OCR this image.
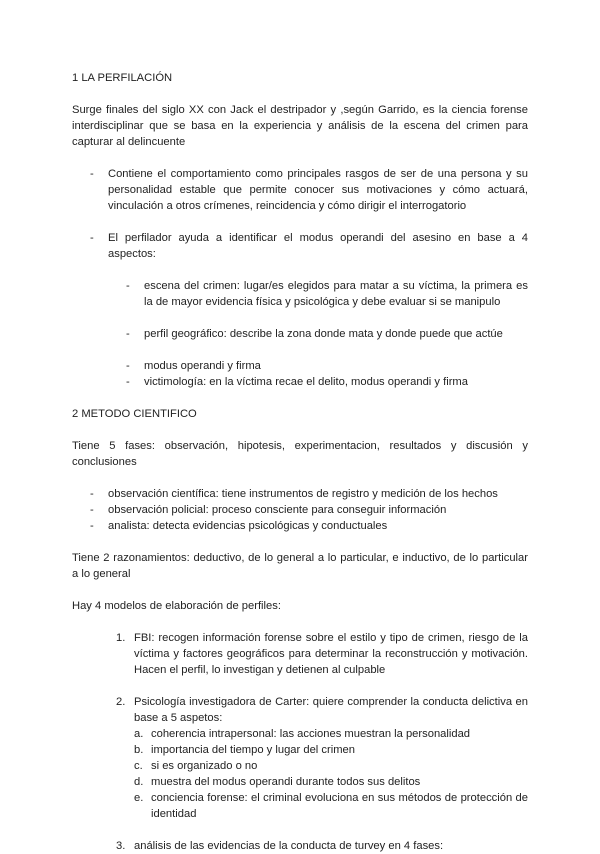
1 LA PERFILACIÓN

Surge finales del siglo XX con Jack el destripador y ,según Garrido, es la ciencia forense interdisciplinar que se basa en la experiencia y análisis de la escena del crimen para capturar al delincuente

- Contiene el comportamiento como principales rasgos de ser de una persona y su personalidad estable que permite conocer sus motivaciones y cómo actuará, vinculación a otros crímenes, reincidencia y cómo dirigir el interrogatorio

- El perfilador ayuda a identificar el modus operandi del asesino en base a 4 aspectos:

- escena del crimen: lugar/es elegidos para matar a su víctima, la primera es la de mayor evidencia física y psicológica y debe evaluar si se manipulo

- perfil geográfico: describe la zona donde mata y donde puede que actúe

- modus operandi y firma

- victimología: en la víctima recae el delito, modus operandi y firma

2 METODO CIENTIFICO

Tiene 5 fases: observación, hipotesis, experimentacion, resultados y discusión y conclusiones

- observación científica: tiene instrumentos de registro y medición de los hechos

- observación policial: proceso consciente para conseguir información

- analista: detecta evidencias psicológicas y conductuales

Tiene 2 razonamientos: deductivo, de lo general a lo particular, e inductivo, de lo particular a lo general

Hay 4 modelos de elaboración de perfiles:

1. FBI: recogen información forense sobre el estilo y tipo de crimen, riesgo de la víctima y factores geográficos para determinar la reconstrucción y motivación. Hacen el perfil, lo investigan y detienen al culpable

2. Psicología investigadora de Carter: quiere comprender la conducta delictiva en base a 5 aspetos:

a. coherencia intrapersonal: las acciones muestran la personalidad

b. importancia del tiempo y lugar del crimen

c. si es organizado o no

d. muestra del modus operandi durante todos sus delitos

e. conciencia forense: el criminal evoluciona en sus métodos de protección de identidad

3. análisis de las evidencias de la conducta de turvey en 4 fases:
